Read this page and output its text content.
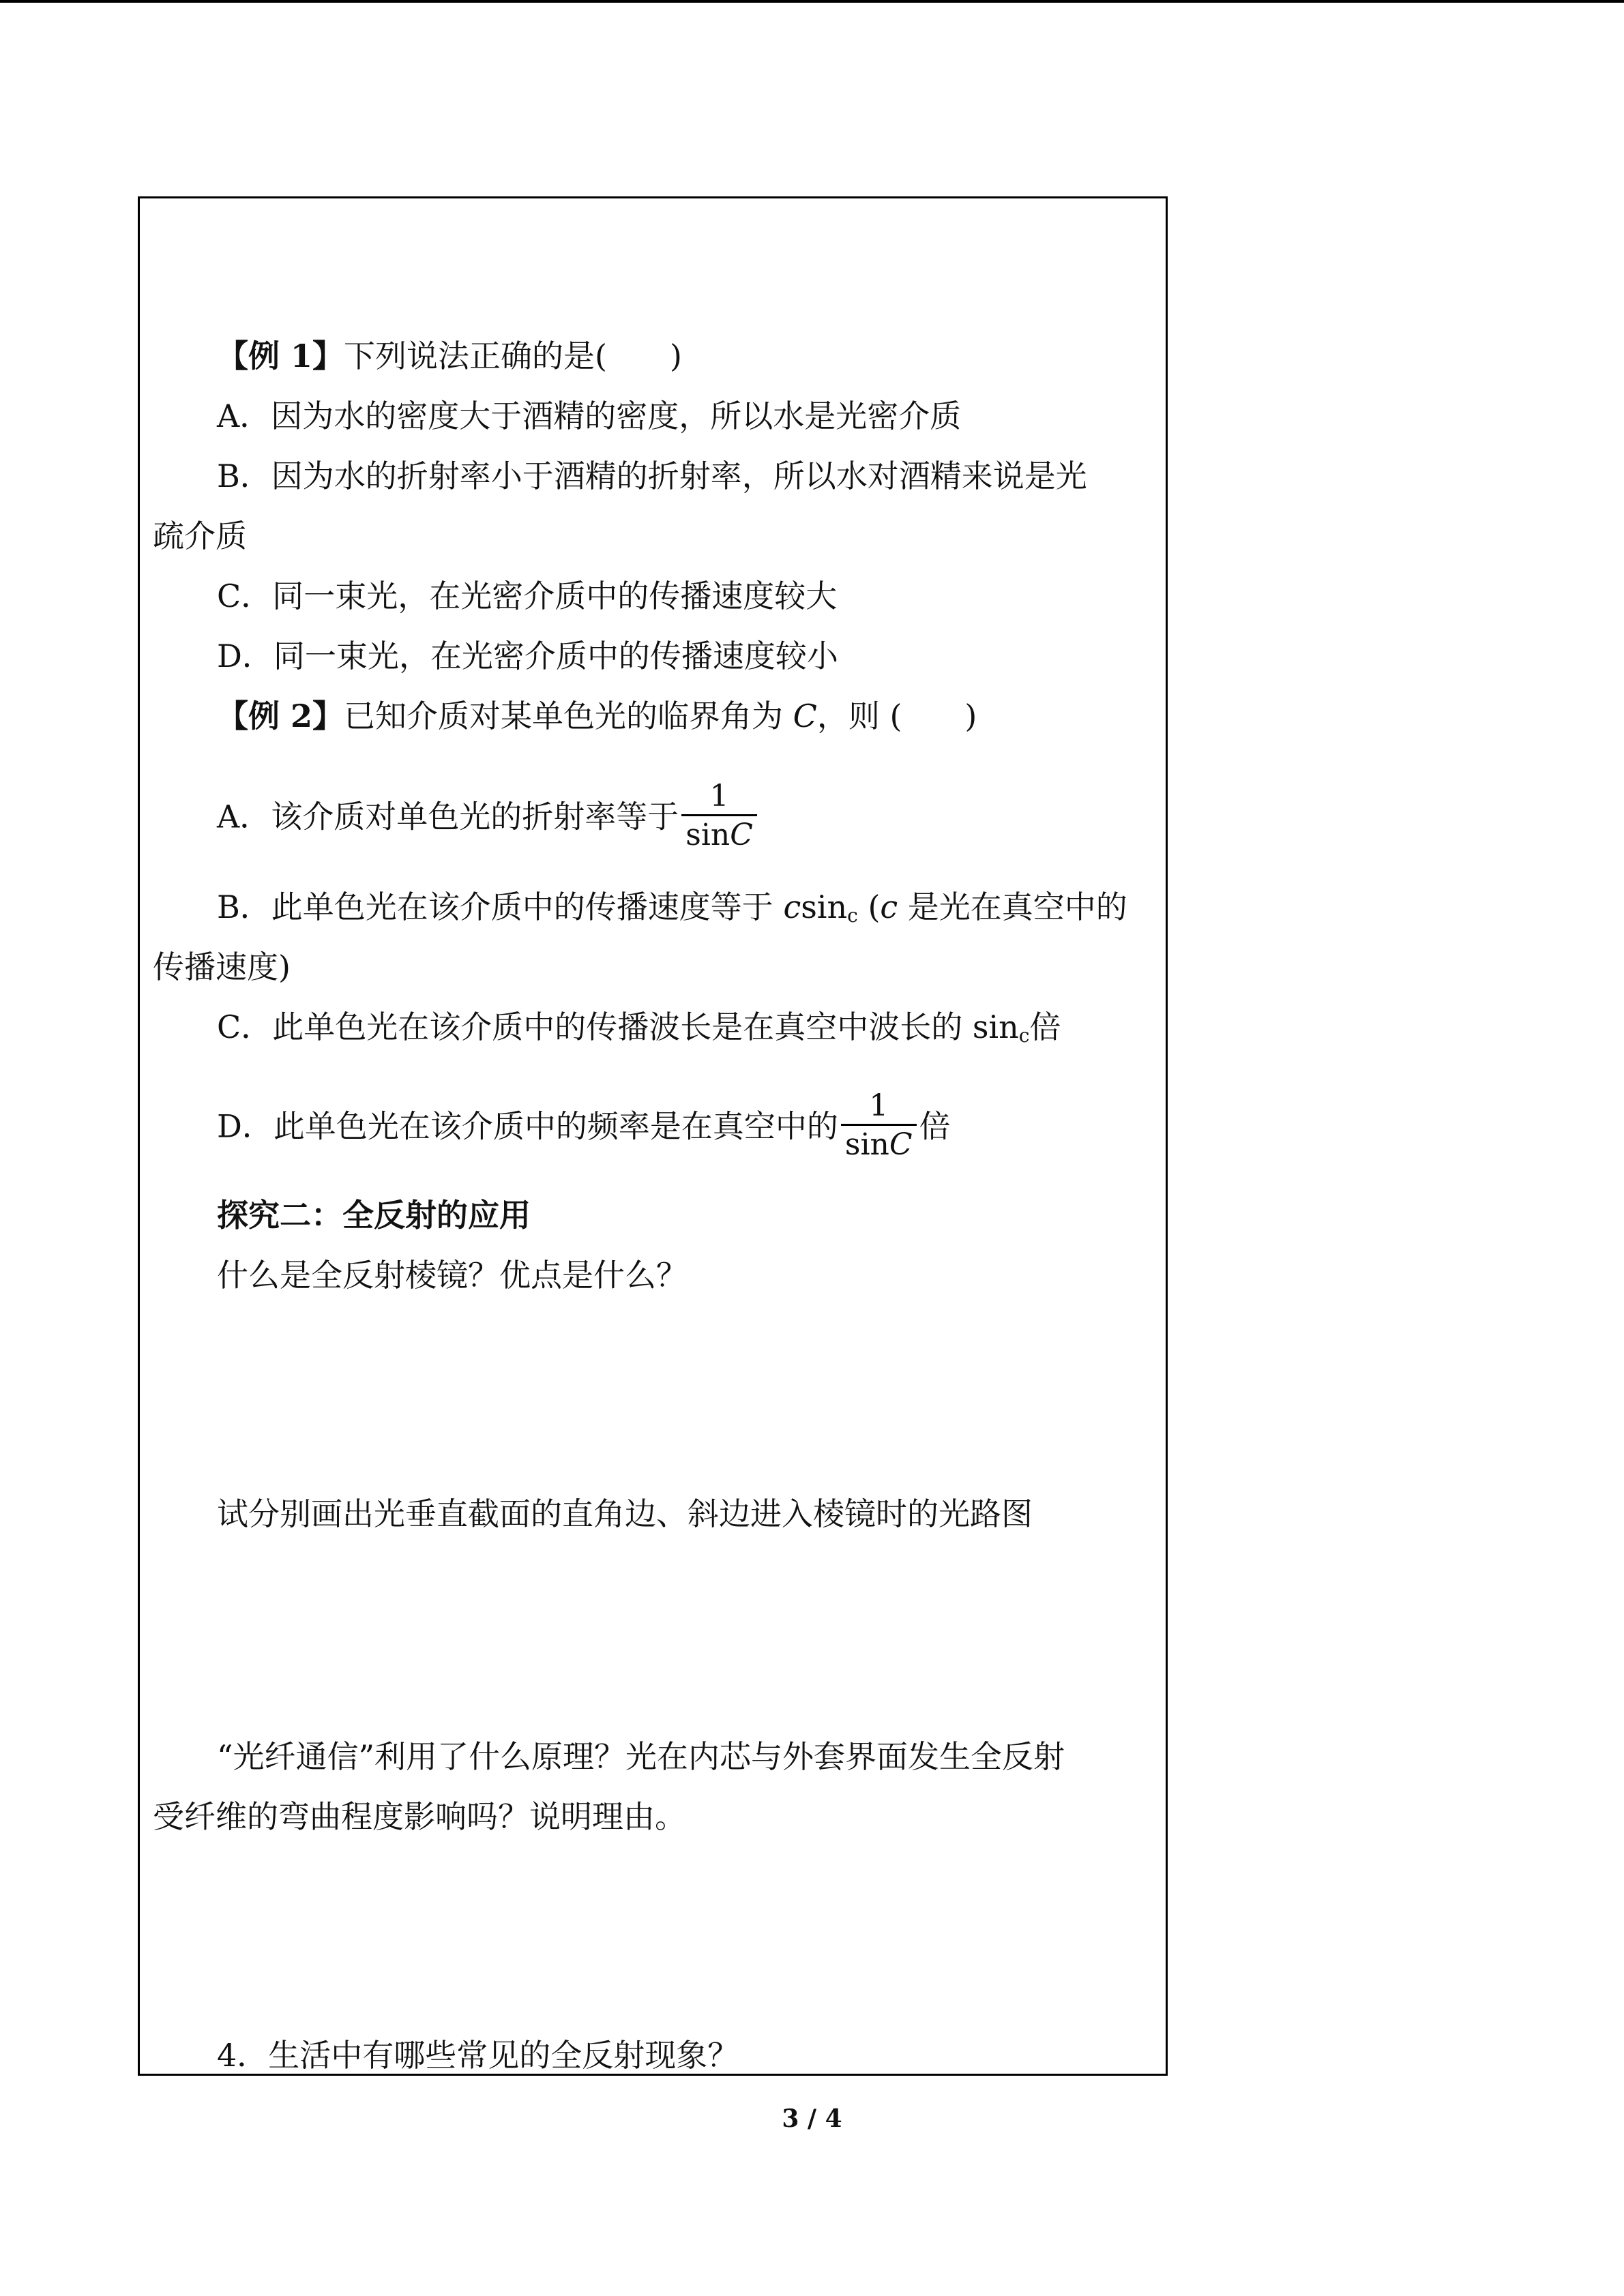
【例 1】下列说法正确的是(　　)
A．因为水的密度大于酒精的密度，所以水是光密介质
B．因为水的折射率小于酒精的折射率，所以水对酒精来说是光
疏介质
C．同一束光，在光密介质中的传播速度较大
D．同一束光，在光密介质中的传播速度较小
【例 2】已知介质对某单色光的临界角为 C，则 (　　)
A．该介质对单色光的折射率等于 $\frac{1}{\sin C}$
B．此单色光在该介质中的传播速度等于 csin$_c$ (c 是光在真空中的
传播速度)
C．此单色光在该介质中的传播波长是在真空中波长的 $\sin_c$倍
D．此单色光在该介质中的频率是在真空中的 $\frac{1}{\sin C}$ 倍
探究二：全反射的应用
什么是全反射棱镜？优点是什么？
试分别画出光垂直截面的直角边、斜边进入棱镜时的光路图
“光纤通信”利用了什么原理？光在内芯与外套界面发生全反射
受纤维的弯曲程度影响吗？说明理由。
4．生活中有哪些常见的全反射现象？
3 / 4
